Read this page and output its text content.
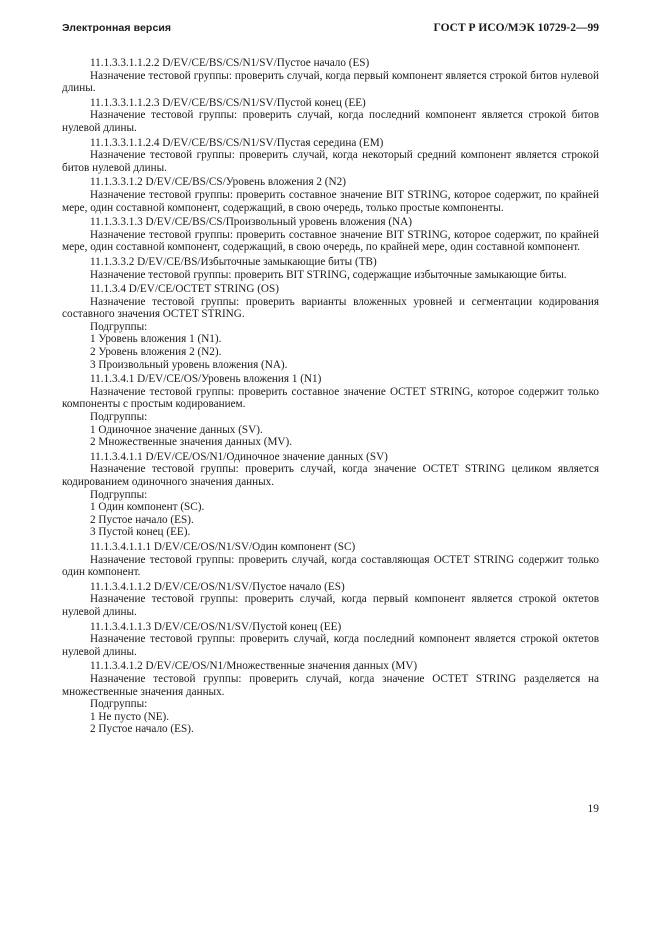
Электронная версия	ГОСТ Р ИСО/МЭК 10729-2—99

11.1.3.3.1.1.2.2 D/EV/CE/BS/CS/N1/SV/Пустое начало (ES)

Назначение тестовой группы: проверить случай, когда первый компонент является строкой битов нулевой длины.

11.1.3.3.1.1.2.3 D/EV/CE/BS/CS/N1/SV/Пустой конец (EE)

Назначение тестовой группы: проверить случай, когда последний компонент является строкой битов нулевой длины.

11.1.3.3.1.1.2.4 D/EV/CE/BS/CS/N1/SV/Пустая середина (EM)

Назначение тестовой группы: проверить случай, когда некоторый средний компонент является строкой битов нулевой длины.

11.1.3.3.1.2 D/EV/CE/BS/CS/Уровень вложения 2 (N2)

Назначение тестовой группы: проверить составное значение BIT STRING, которое содержит, по крайней мере, один составной компонент, содержащий, в свою очередь, только простые компоненты.

11.1.3.3.1.3 D/EV/CE/BS/CS/Произвольный уровень вложения (NA)

Назначение тестовой группы: проверить составное значение BIT STRING, которое содержит, по крайней мере, один составной компонент, содержащий, в свою очередь, по крайней мере, один составной компонент.

11.1.3.3.2 D/EV/CE/BS/Избыточные замыкающие биты (TB)

Назначение тестовой группы: проверить BIT STRING, содержащие избыточные замыкающие биты.

11.1.3.4 D/EV/CE/OCTET STRING (OS)

Назначение тестовой группы: проверить варианты вложенных уровней и сегментации кодирования составного значения OCTET STRING.

Подгруппы:

1 Уровень вложения 1 (N1).

2 Уровень вложения 2 (N2).

3 Произвольный уровень вложения (NA).

11.1.3.4.1 D/EV/CE/OS/Уровень вложения 1 (N1)

Назначение тестовой группы: проверить составное значение OCTET STRING, которое содержит только компоненты с простым кодированием.

Подгруппы:

1 Одиночное значение данных (SV).

2 Множественные значения данных (MV).

11.1.3.4.1.1 D/EV/CE/OS/N1/Одиночное значение данных (SV)

Назначение тестовой группы: проверить случай, когда значение OCTET STRING целиком является кодированием одиночного значения данных.

Подгруппы:

1 Один компонент (SC).

2 Пустое начало (ES).

3 Пустой конец (EE).

11.1.3.4.1.1.1 D/EV/CE/OS/N1/SV/Один компонент (SC)

Назначение тестовой группы: проверить случай, когда составляющая OCTET STRING содержит только один компонент.

11.1.3.4.1.1.2 D/EV/CE/OS/N1/SV/Пустое начало (ES)

Назначение тестовой группы: проверить случай, когда первый компонент является строкой октетов нулевой длины.

11.1.3.4.1.1.3 D/EV/CE/OS/N1/SV/Пустой конец (EE)

Назначение тестовой группы: проверить случай, когда последний компонент является строкой октетов нулевой длины.

11.1.3.4.1.2 D/EV/CE/OS/N1/Множественные значения данных (MV)

Назначение тестовой группы: проверить случай, когда значение OCTET STRING разделяется на множественные значения данных.

Подгруппы:

1 Не пусто (NE).

2 Пустое начало (ES).

19
